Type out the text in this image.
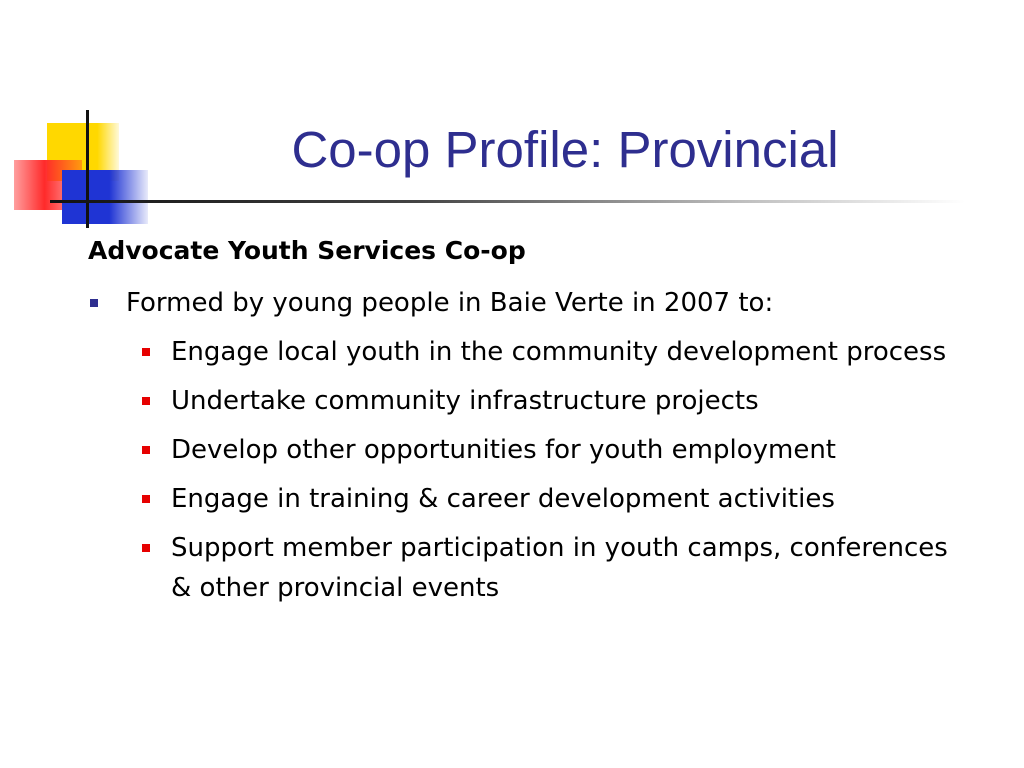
Co-op Profile: Provincial
Advocate Youth Services Co-op
Formed by young people in Baie Verte in 2007 to:
Engage local youth in the community development process
Undertake community infrastructure projects
Develop other opportunities for youth employment
Engage in training & career development activities
Support member participation in youth camps, conferences & other provincial events
